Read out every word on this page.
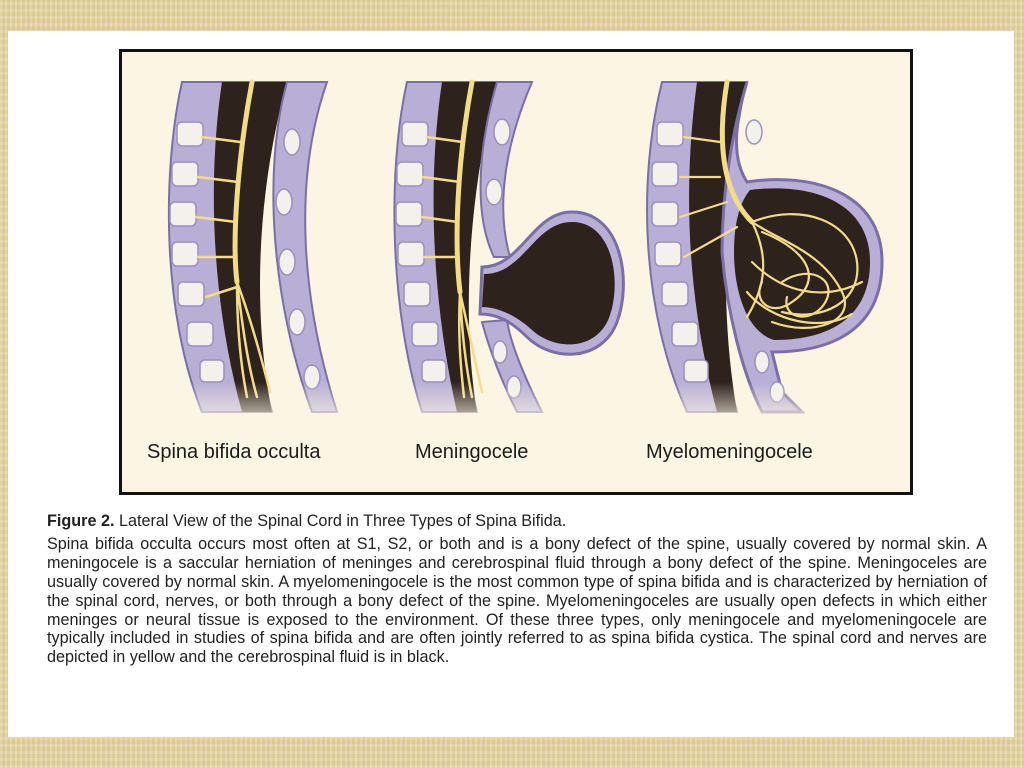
Spina bifida occulta	Meningocele	Myelomeningocele
Figure 2. Lateral View of the Spinal Cord in Three Types of Spina Bifida.

Spina bifida occulta occurs most often at S1, S2, or both and is a bony defect of the spine, usually covered by normal skin. A meningocele is a saccular herniation of meninges and cerebrospinal fluid through a bony defect of the spine. Meningoceles are usually covered by normal skin. A myelomeningocele is the most common type of spina bifida and is characterized by herniation of the spinal cord, nerves, or both through a bony defect of the spine. Myelomeningoceles are usually open defects in which either meninges or neural tissue is exposed to the environment. Of these three types, only meningocele and myelomeningocele are typically included in studies of spina bifida and are often jointly referred to as spina bifida cystica. The spinal cord and nerves are depicted in yellow and the cerebrospinal fluid is in black.
